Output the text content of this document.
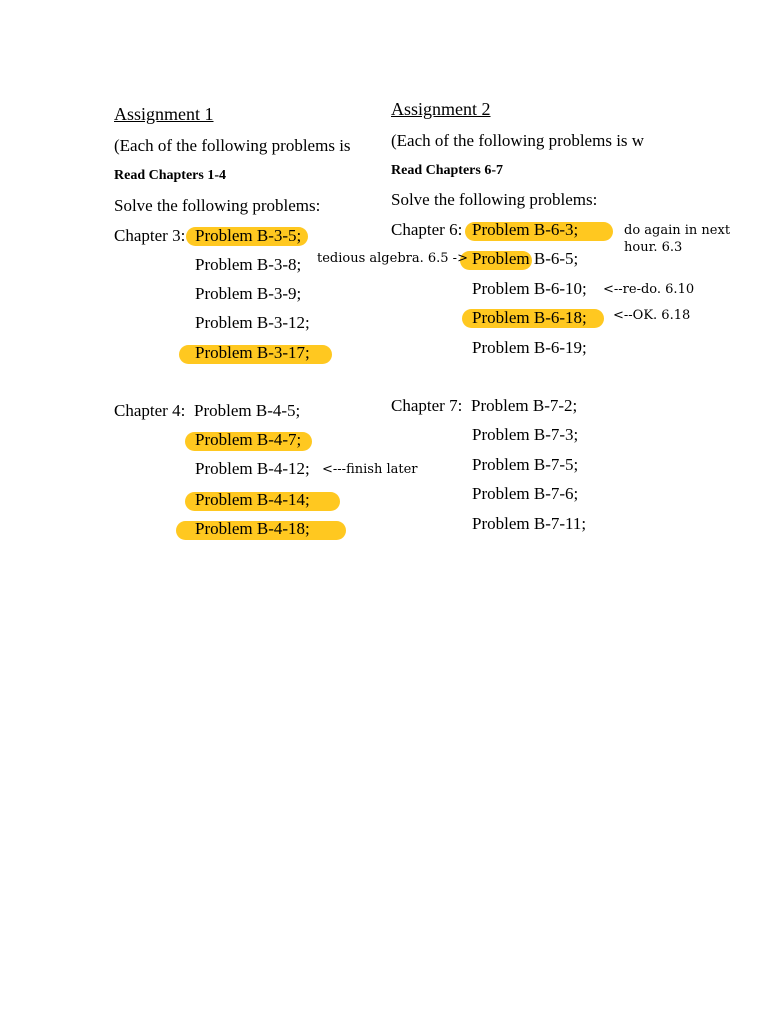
Assignment 1
(Each of the following problems is
Read Chapters 1-4
Solve the following problems:
Chapter 3: Problem B-3-5;
Problem B-3-8;
Problem B-3-9;
Problem B-3-12;
Problem B-3-17;
Chapter 4: Problem B-4-5;
Problem B-4-7;
Problem B-4-12;
Problem B-4-14;
Problem B-4-18;
Assignment 2
(Each of the following problems is w
Read Chapters 6-7
Solve the following problems:
Chapter 6: Problem B-6-3;
Problem B-6-5;
Problem B-6-10;
Problem B-6-18;
Problem B-6-19;
Chapter 7: Problem B-7-2;
Problem B-7-3;
Problem B-7-5;
Problem B-7-6;
Problem B-7-11;
do again in next
hour. 6.3
tedious algebra. 6.5 ->
<--re-do. 6.10
<--OK. 6.18
<---finish later
